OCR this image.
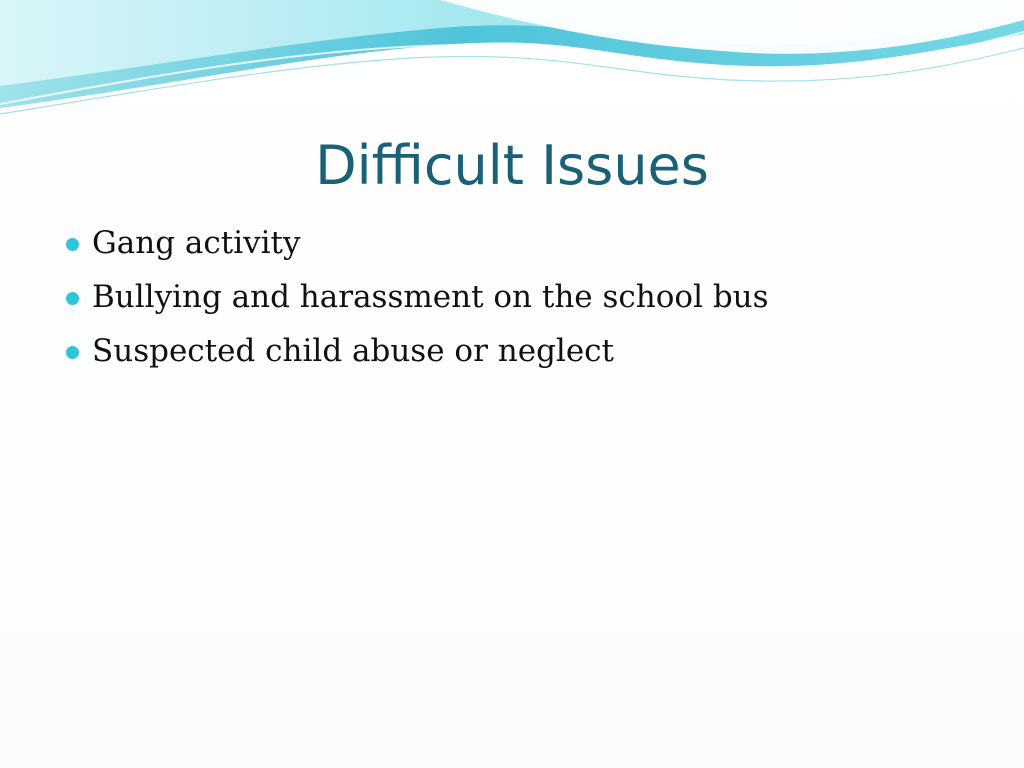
Difficult Issues
Gang activity
Bullying and harassment on the school bus
Suspected child abuse or neglect
